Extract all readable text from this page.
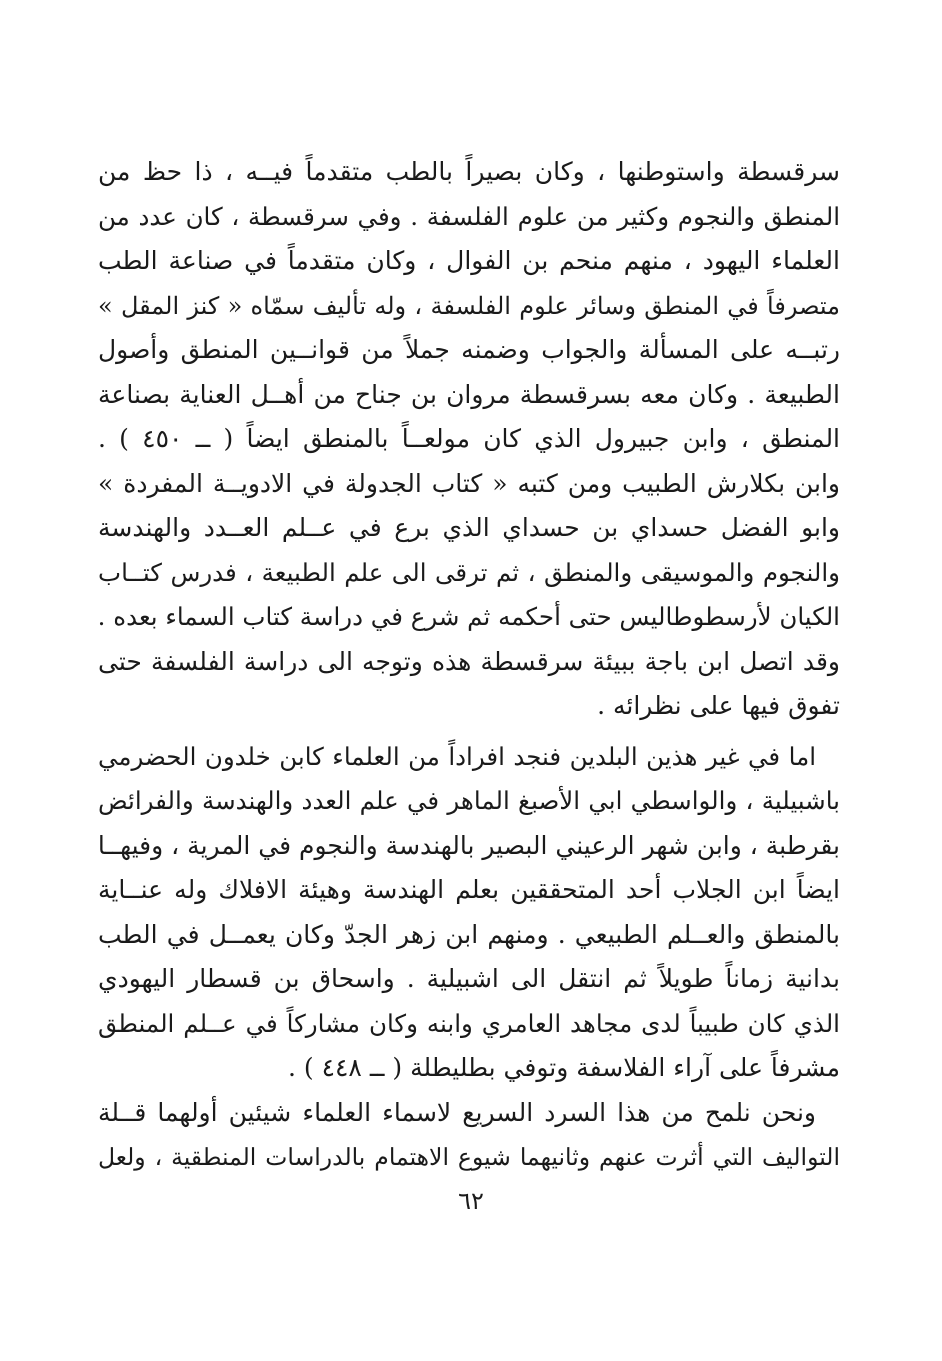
سرقسطة واستوطنها ، وكان بصيراً بالطب متقدماً فيــه ، ذا حظ من
المنطق والنجوم وكثير من علوم الفلسفة . وفي سرقسطة ، كان عدد من
العلماء اليهود ، منهم منحم بن الفوال ، وكان متقدماً في صناعة الطب
متصرفاً في المنطق وسائر علوم الفلسفة ، وله تأليف سمّاه « كنز المقل »
رتبــه على المسألة والجواب وضمنه جملاً من قوانــين المنطق وأصول
الطبيعة . وكان معه بسرقسطة مروان بن جناح من أهــل العناية بصناعة
المنطق ، وابن جبيرول الذي كان مولعــاً بالمنطق ايضاً ( ــ ٤٥٠ ) .
وابن بكلارش الطبيب ومن كتبه « كتاب الجدولة في الادويــة المفردة »
وابو الفضل حسداي بن حسداي الذي برع في عــلم العــدد والهندسة
والنجوم والموسيقى والمنطق ، ثم ترقى الى علم الطبيعة ، فدرس كتــاب
الكيان لأرسطوطاليس حتى أحكمه ثم شرع في دراسة كتاب السماء بعده .
وقد اتصل ابن باجة ببيئة سرقسطة هذه وتوجه الى دراسة الفلسفة حتى
تفوق فيها على نظرائه .
اما في غير هذين البلدين فنجد افراداً من العلماء كابن خلدون الحضرمي
باشبيلية ، والواسطي ابي الأصبغ الماهر في علم العدد والهندسة والفرائض
بقرطبة ، وابن شهر الرعيني البصير بالهندسة والنجوم في المرية ، وفيهــا
ايضاً ابن الجلاب أحد المتحققين بعلم الهندسة وهيئة الافلاك وله عنــاية
بالمنطق والعــلم الطبيعي . ومنهم ابن زهر الجدّ وكان يعمــل في الطب
بدانية زماناً طويلاً ثم انتقل الى اشبيلية . واسحاق بن قسطار اليهودي
الذي كان طبيباً لدى مجاهد العامري وابنه وكان مشاركاً في عــلم المنطق
مشرفاً على آراء الفلاسفة وتوفي بطليطلة ( ــ ٤٤٨ ) .
ونحن نلمح من هذا السرد السريع لاسماء العلماء شيئين أولهما قــلة
التواليف التي أثرت عنهم وثانيهما شيوع الاهتمام بالدراسات المنطقية ، ولعل
٦٢
